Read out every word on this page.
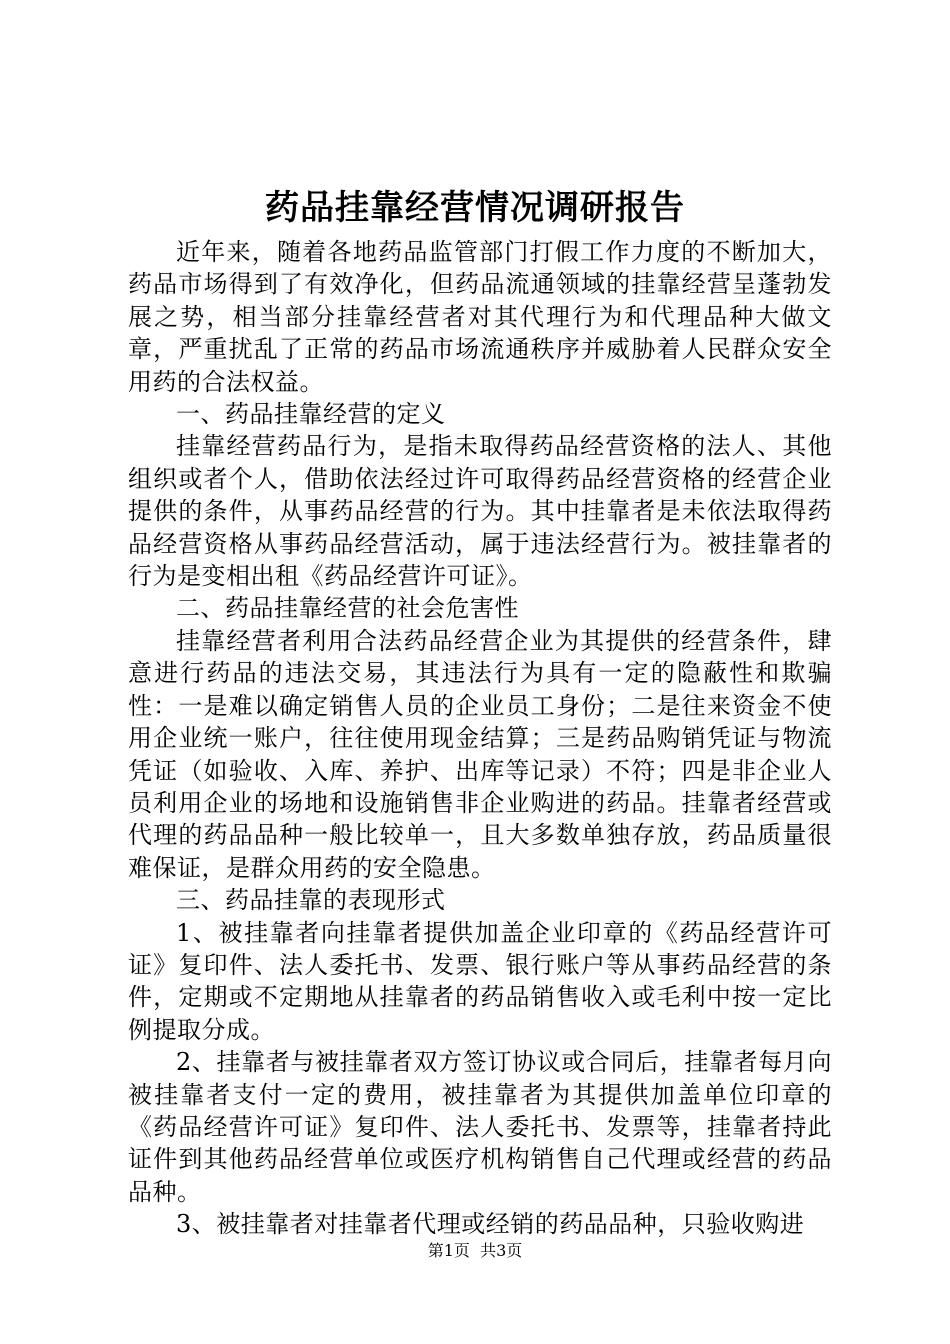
药品挂靠经营情况调研报告

近年来，随着各地药品监管部门打假工作力度的不断加大，药品市场得到了有效净化，但药品流通领域的挂靠经营呈蓬勃发展之势，相当部分挂靠经营者对其代理行为和代理品种大做文章，严重扰乱了正常的药品市场流通秩序并威胁着人民群众安全用药的合法权益。

一、药品挂靠经营的定义

挂靠经营药品行为，是指未取得药品经营资格的法人、其他组织或者个人，借助依法经过许可取得药品经营资格的经营企业提供的条件，从事药品经营的行为。其中挂靠者是未依法取得药品经营资格从事药品经营活动，属于违法经营行为。被挂靠者的行为是变相出租《药品经营许可证》。

二、药品挂靠经营的社会危害性

挂靠经营者利用合法药品经营企业为其提供的经营条件，肆意进行药品的违法交易，其违法行为具有一定的隐蔽性和欺骗性：一是难以确定销售人员的企业员工身份；二是往来资金不使用企业统一账户，往往使用现金结算；三是药品购销凭证与物流凭证（如验收、入库、养护、出库等记录）不符；四是非企业人员利用企业的场地和设施销售非企业购进的药品。挂靠者经营或代理的药品品种一般比较单一，且大多数单独存放，药品质量很难保证，是群众用药的安全隐患。

三、药品挂靠的表现形式

1、被挂靠者向挂靠者提供加盖企业印章的《药品经营许可证》复印件、法人委托书、发票、银行账户等从事药品经营的条件，定期或不定期地从挂靠者的药品销售收入或毛利中按一定比例提取分成。

2、挂靠者与被挂靠者双方签订协议或合同后，挂靠者每月向被挂靠者支付一定的费用，被挂靠者为其提供加盖单位印章的《药品经营许可证》复印件、法人委托书、发票等，挂靠者持此证件到其他药品经营单位或医疗机构销售自己代理或经营的药品品种。

3、被挂靠者对挂靠者代理或经销的药品品种，只验收购进

第1页  共3页
